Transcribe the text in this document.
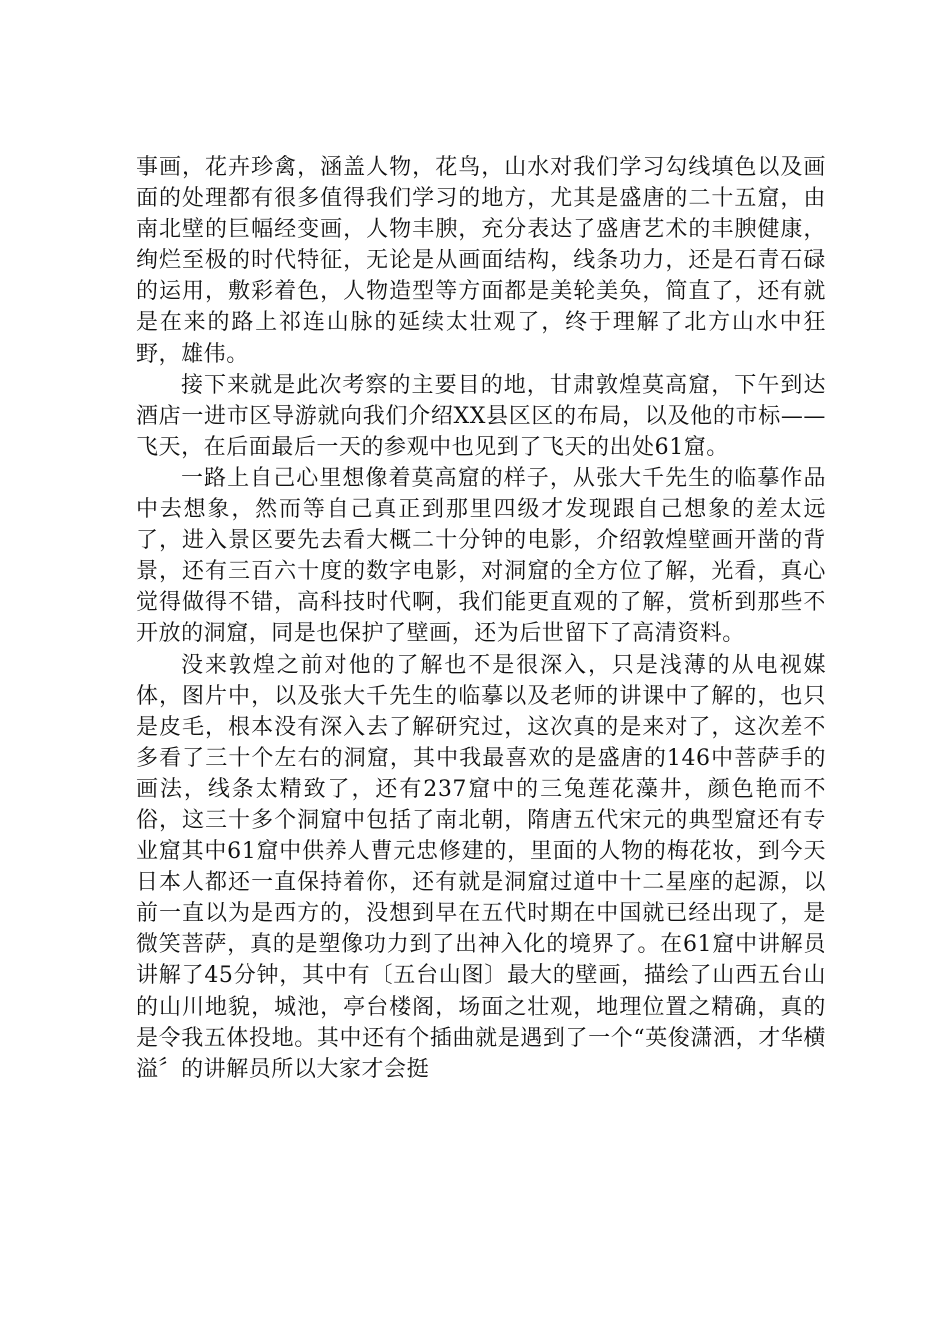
事画，花卉珍禽，涵盖人物，花鸟，山水对我们学习勾线填色以及画面的处理都有很多值得我们学习的地方，尤其是盛唐的二十五窟，由南北壁的巨幅经变画，人物丰腴，充分表达了盛唐艺术的丰腴健康，绚烂至极的时代特征，无论是从画面结构，线条功力，还是石青石碌的运用，敷彩着色，人物造型等方面都是美轮美奂，简直了，还有就是在来的路上祁连山脉的延续太壮观了，终于理解了北方山水中狂野，雄伟。

接下来就是此次考察的主要目的地，甘肃敦煌莫高窟，下午到达酒店一进市区导游就向我们介绍XX县区区的布局，以及他的市标——飞天，在后面最后一天的参观中也见到了飞天的出处61窟。

一路上自己心里想像着莫高窟的样子，从张大千先生的临摹作品中去想象，然而等自己真正到那里四级才发现跟自己想象的差太远了，进入景区要先去看大概二十分钟的电影，介绍敦煌壁画开凿的背景，还有三百六十度的数字电影，对洞窟的全方位了解，光看，真心觉得做得不错，高科技时代啊，我们能更直观的了解，赏析到那些不开放的洞窟，同是也保护了壁画，还为后世留下了高清资料。

没来敦煌之前对他的了解也不是很深入，只是浅薄的从电视媒体，图片中，以及张大千先生的临摹以及老师的讲课中了解的，也只是皮毛，根本没有深入去了解研究过，这次真的是来对了，这次差不多看了三十个左右的洞窟，其中我最喜欢的是盛唐的146中菩萨手的画法，线条太精致了，还有237窟中的三兔莲花藻井，颜色艳而不俗，这三十多个洞窟中包括了南北朝，隋唐五代宋元的典型窟还有专业窟其中61窟中供养人曹元忠修建的，里面的人物的梅花妆，到今天日本人都还一直保持着你，还有就是洞窟过道中十二星座的起源，以前一直以为是西方的，没想到早在五代时期在中国就已经出现了，是微笑菩萨，真的是塑像功力到了出神入化的境界了。在61窟中讲解员讲解了45分钟，其中有〔五台山图〕最大的壁画，描绘了山西五台山的山川地貌，城池，亭台楼阁，场面之壮观，地理位置之精确，真的是令我五体投地。其中还有个插曲就是遇到了一个“英俊潇洒，才华横溢〞的讲解员所以大家才会挺
